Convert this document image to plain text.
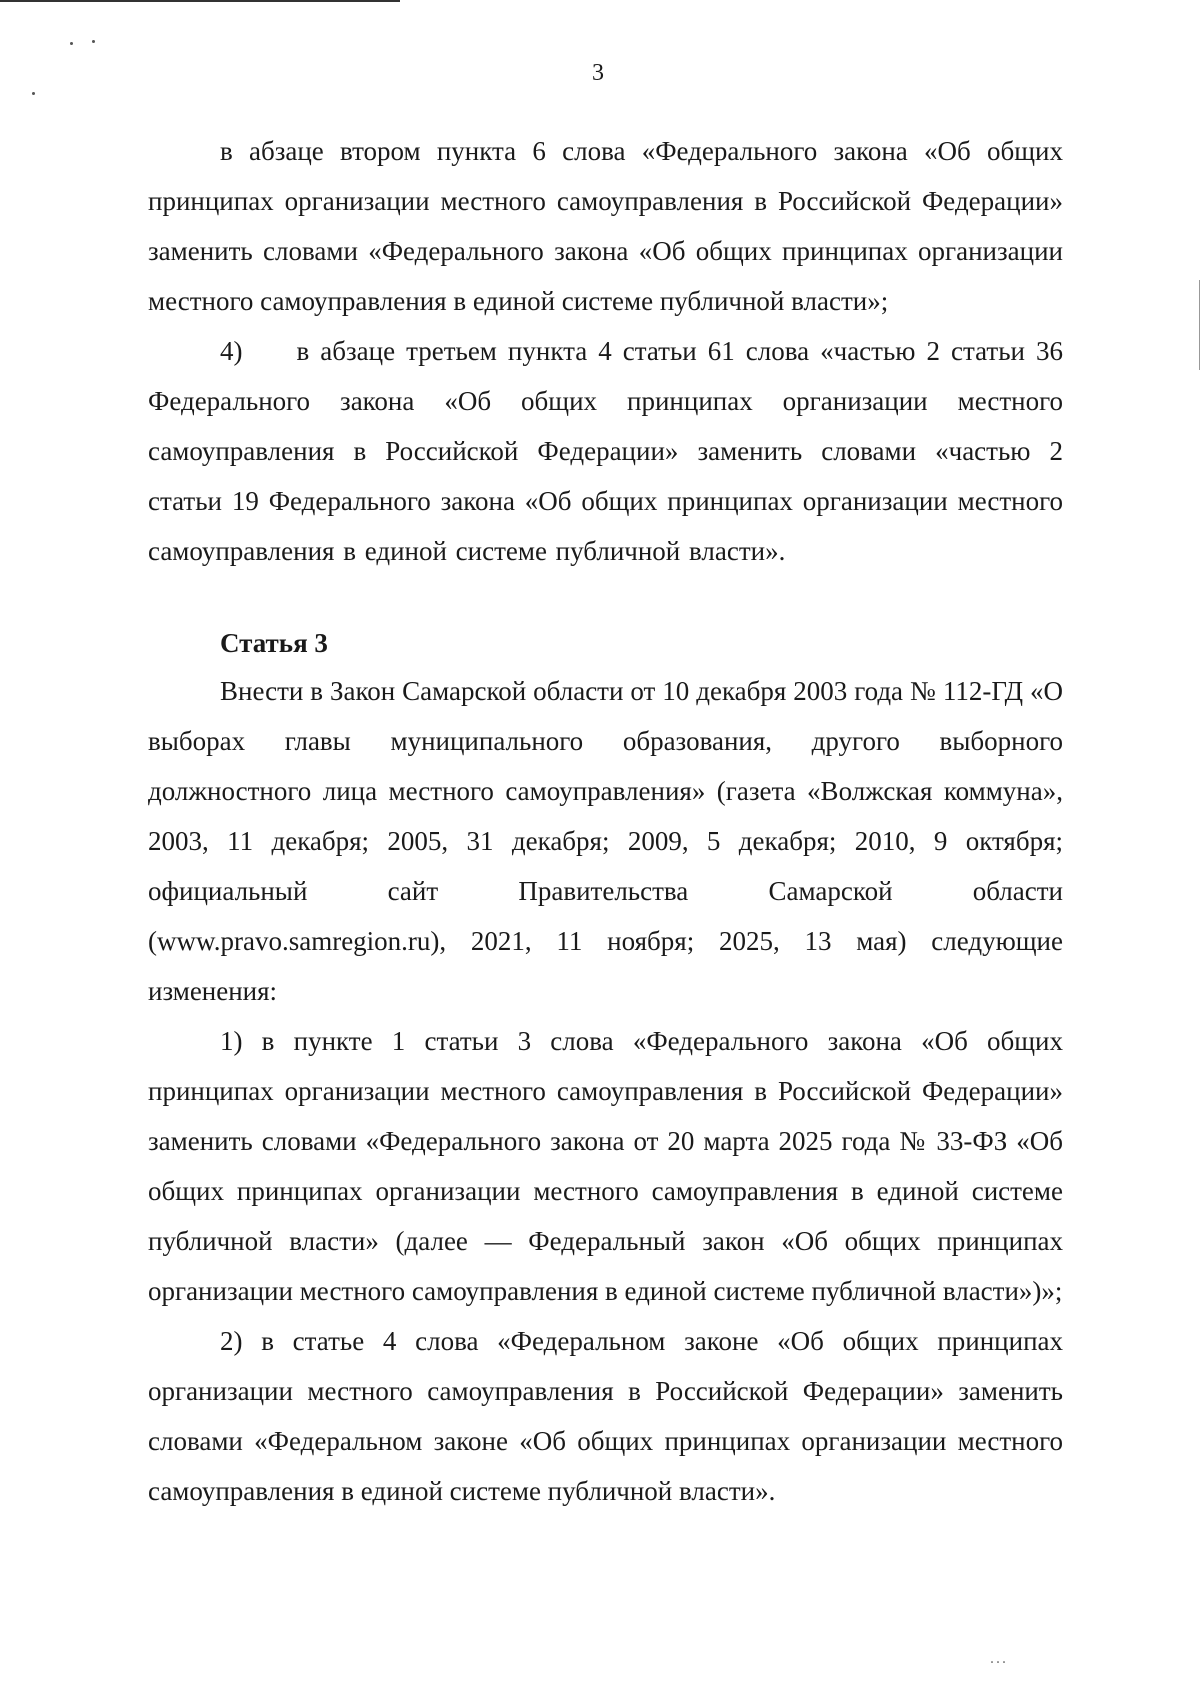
3

в абзаце втором пункта 6 слова «Федерального закона «Об общих принципах организации местного самоуправления в Российской Федерации» заменить словами «Федерального закона «Об общих принципах организации местного самоуправления в единой системе публичной власти»;

4)  в абзаце третьем пункта 4 статьи 61 слова «частью 2 статьи 36 Федерального закона «Об общих принципах организации местного самоуправления в Российской Федерации» заменить словами «частью 2 статьи 19 Федерального закона «Об общих принципах организации местного самоуправления в единой системе публичной власти».

Статья 3

Внести в Закон Самарской области от 10 декабря 2003 года № 112-ГД «О выборах главы муниципального образования, другого выборного должностного лица местного самоуправления» (газета «Волжская коммуна», 2003, 11 декабря; 2005, 31 декабря; 2009, 5 декабря; 2010, 9 октября; официальный сайт Правительства Самарской области (www.pravo.samregion.ru), 2021, 11 ноября; 2025, 13 мая) следующие изменения:

1) в пункте 1 статьи 3 слова «Федерального закона «Об общих принципах организации местного самоуправления в Российской Федерации» заменить словами «Федерального закона от 20 марта 2025 года № 33-ФЗ «Об общих принципах организации местного самоуправления в единой системе публичной власти» (далее — Федеральный закон «Об общих принципах организации местного самоуправления в единой системе публичной власти»)»;

2) в статье 4 слова «Федеральном законе «Об общих принципах организации местного самоуправления в Российской Федерации» заменить словами «Федеральном законе «Об общих принципах организации местного самоуправления в единой системе публичной власти».

...
